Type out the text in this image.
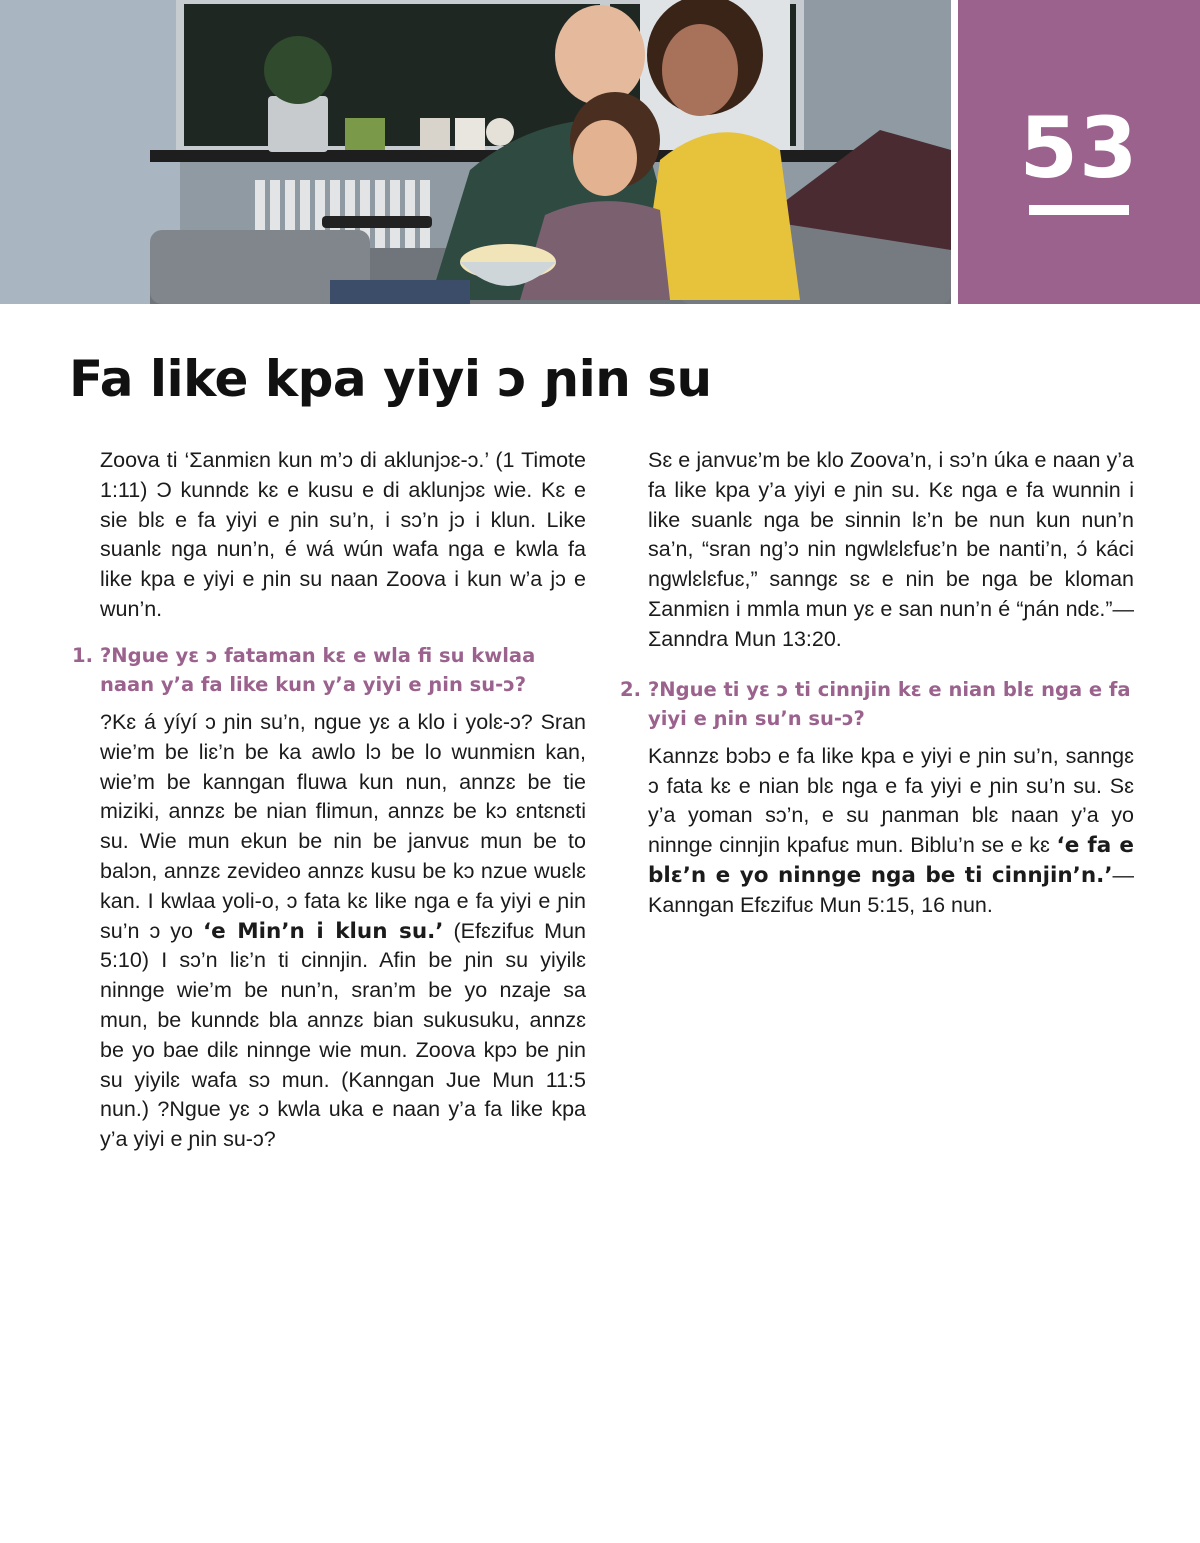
53
Fa like kpa yiyi ɔ ɲin su

Zoova ti ‘Ʃanmiɛn kun m’ɔ di aklunjɔɛ-ɔ.’ (1 Timote 1:11) Ɔ kunndɛ kɛ e kusu e di aklunjɔɛ wie. Kɛ e sie blɛ e fa yiyi e ɲin su’n, i sɔ’n jɔ i klun. Like suanlɛ nga nun’n, é wá wún wafa nga e kwla fa like kpa e yiyi e ɲin su naan Zoova i kun w’a jɔ e wun’n.

1. ?Ngue yɛ ɔ fataman kɛ e wla fi su kwlaa naan y’a fa like kun y’a yiyi e ɲin su-ɔ?

?Kɛ á yíyí ɔ ɲin su’n, ngue yɛ a klo i yolɛ-ɔ? Sran wie’m be liɛ’n be ka awlo lɔ be lo wunmiɛn kan, wie’m be kanngan fluwa kun nun, annzɛ be tie miziki, annzɛ be nian flimun, annzɛ be kɔ ɛntɛnɛti su. Wie mun ekun be nin be janvuɛ mun be to balɔn, annzɛ zevideo annzɛ kusu be kɔ nzue wuɛlɛ kan. I kwlaa yoli-o, ɔ fata kɛ like nga e fa yiyi e ɲin su’n ɔ yo ‘e Min’n i klun su.’ (Efɛzifuɛ Mun 5:10) I sɔ’n liɛ’n ti cinnjin. Afin be ɲin su yiyilɛ ninnge wie’m be nun’n, sran’m be yo nzaje sa mun, be kunndɛ bla annzɛ bian sukusuku, annzɛ be yo bae dilɛ ninnge wie mun. Zoova kpɔ be ɲin su yiyilɛ wafa sɔ mun. (Kanngan Jue Mun 11:5 nun.) ?Ngue yɛ ɔ kwla uka e naan y’a fa like kpa y’a yiyi e ɲin su-ɔ?

Sɛ e janvuɛ’m be klo Zoova’n, i sɔ’n úka e naan y’a fa like kpa y’a yiyi e ɲin su. Kɛ nga e fa wunnin i like suanlɛ nga be sinnin lɛ’n be nun kun nun’n sa’n, “sran ng’ɔ nin ngwlɛlɛfuɛ’n be nanti’n, ɔ́ káci ngwlɛlɛfuɛ,” sanngɛ sɛ e nin be nga be kloman Ʃanmiɛn i mmla mun yɛ e san nun’n é “ɲán ndɛ.”—Ʃanndra Mun 13:20.

2. ?Ngue ti yɛ ɔ ti cinnjin kɛ e nian blɛ nga e fa yiyi e ɲin su’n su-ɔ?

Kannzɛ bɔbɔ e fa like kpa e yiyi e ɲin su’n, sanngɛ ɔ fata kɛ e nian blɛ nga e fa yiyi e ɲin su’n su. Sɛ y’a yoman sɔ’n, e su ɲanman blɛ naan y’a yo ninnge cinnjin kpafuɛ mun. Biblu’n se e kɛ ‘e fa e blɛ’n e yo ninnge nga be ti cinnjin’n.’—Kanngan Efɛzifuɛ Mun 5:15, 16 nun.
